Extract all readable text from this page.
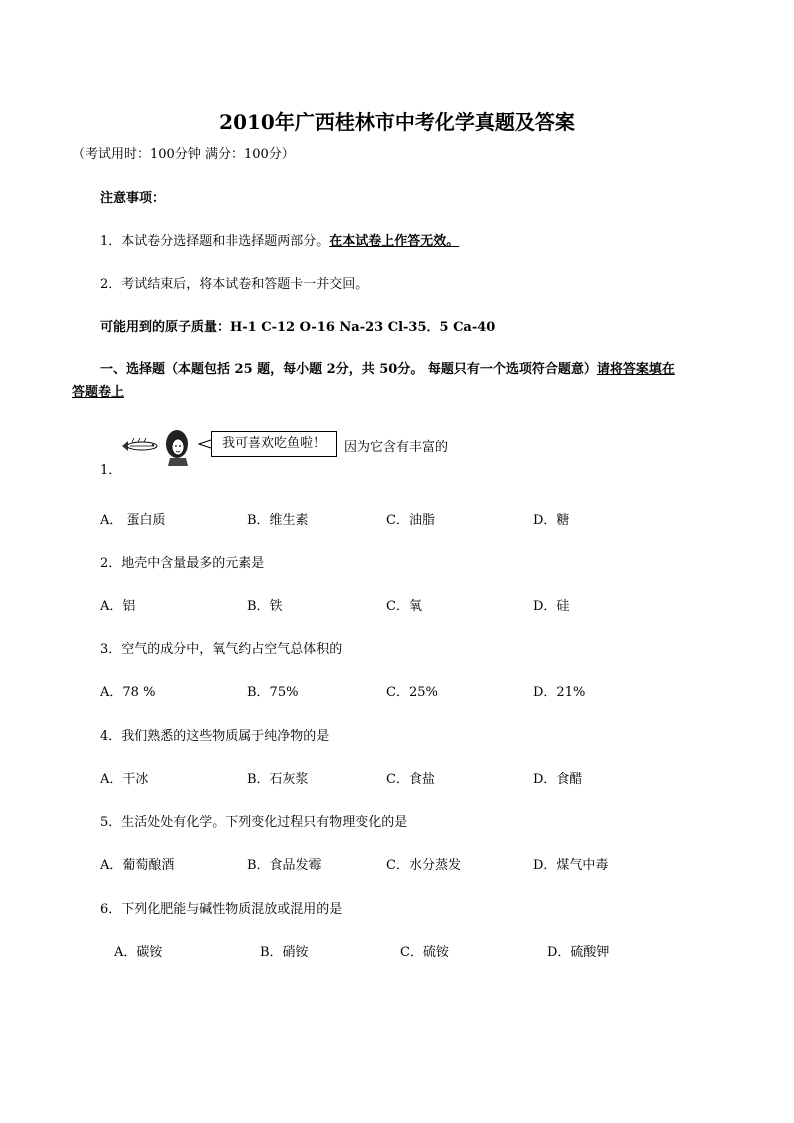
2010年广西桂林市中考化学真题及答案
（考试用时：100分钟 满分：100分）
注意事项：
1．本试卷分选择题和非选择题两部分。在本试卷上作答无效。
2．考试结束后，将本试卷和答题卡一并交回。
可能用到的原子质量：H-1 C-12 O-16 Na-23 Cl-35．5 Ca-40
一、选择题（本题包括 25 题，每小题 2分，共 50分。 每题只有一个选项符合题意）请将答案填在
答题卷上
我可喜欢吃鱼啦！	因为它含有丰富的
1．
A． 蛋白质	B．维生素	C．油脂	D．糖
2．地壳中含量最多的元素是
A．铝	B．铁	C．氧	D．硅
3．空气的成分中，氧气约占空气总体积的
A．78 %	B．75%	C．25%	D．21%
4．我们熟悉的这些物质属于纯净物的是
A．干冰	B．石灰浆	C．食盐	D．食醋
5．生活处处有化学。下列变化过程只有物理变化的是
A．葡萄酿酒	B．食品发霉	C．水分蒸发	D．煤气中毒
6．下列化肥能与碱性物质混放或混用的是
A．碳铵	B．硝铵	C．硫铵	D．硫酸钾
